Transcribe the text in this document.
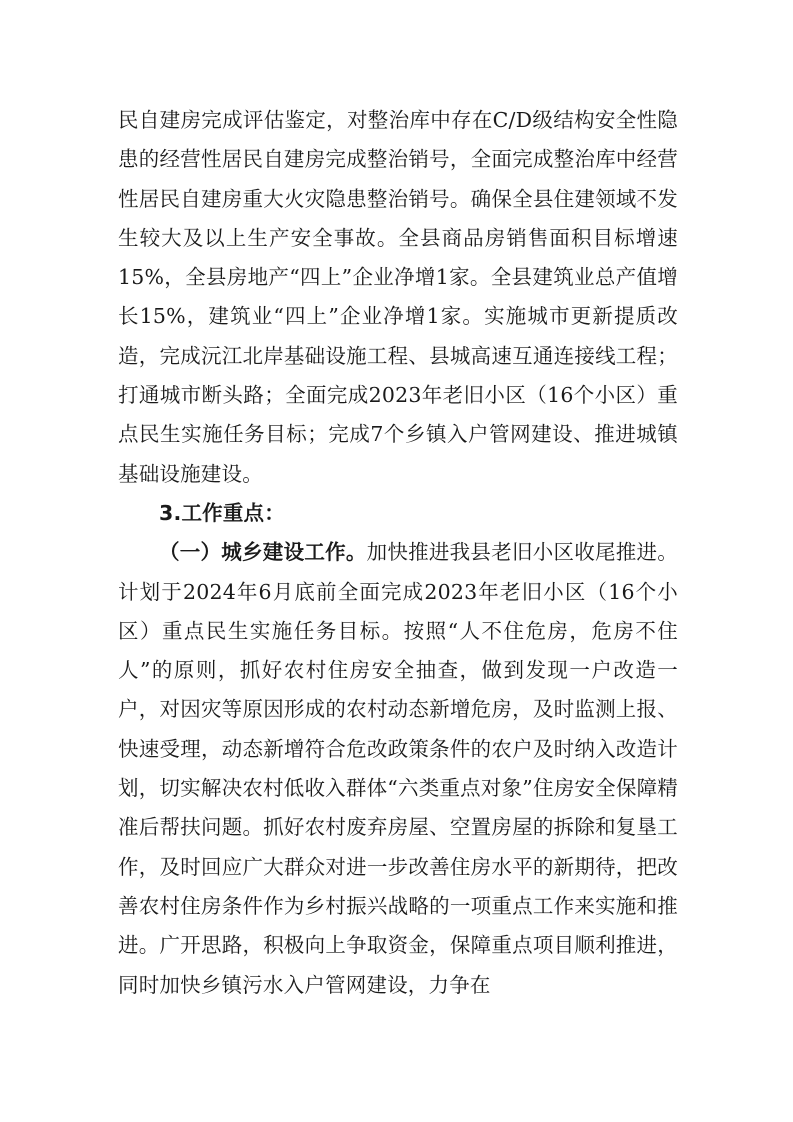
民自建房完成评估鉴定，对整治库中存在C/D级结构安全性隐患的经营性居民自建房完成整治销号，全面完成整治库中经营性居民自建房重大火灾隐患整治销号。确保全县住建领域不发生较大及以上生产安全事故。全县商品房销售面积目标增速15%，全县房地产“四上”企业净增1家。全县建筑业总产值增长15%，建筑业“四上”企业净增1家。实施城市更新提质改造，完成沅江北岸基础设施工程、县城高速互通连接线工程；打通城市断头路；全面完成2023年老旧小区（16个小区）重点民生实施任务目标；完成7个乡镇入户管网建设、推进城镇基础设施建设。

3.工作重点：

（一）城乡建设工作。加快推进我县老旧小区收尾推进。计划于2024年6月底前全面完成2023年老旧小区（16个小区）重点民生实施任务目标。按照“人不住危房，危房不住人”的原则，抓好农村住房安全抽查，做到发现一户改造一户，对因灾等原因形成的农村动态新增危房，及时监测上报、快速受理，动态新增符合危改政策条件的农户及时纳入改造计划，切实解决农村低收入群体“六类重点对象”住房安全保障精准后帮扶问题。抓好农村废弃房屋、空置房屋的拆除和复垦工作，及时回应广大群众对进一步改善住房水平的新期待，把改善农村住房条件作为乡村振兴战略的一项重点工作来实施和推进。广开思路，积极向上争取资金，保障重点项目顺利推进，同时加快乡镇污水入户管网建设，力争在
